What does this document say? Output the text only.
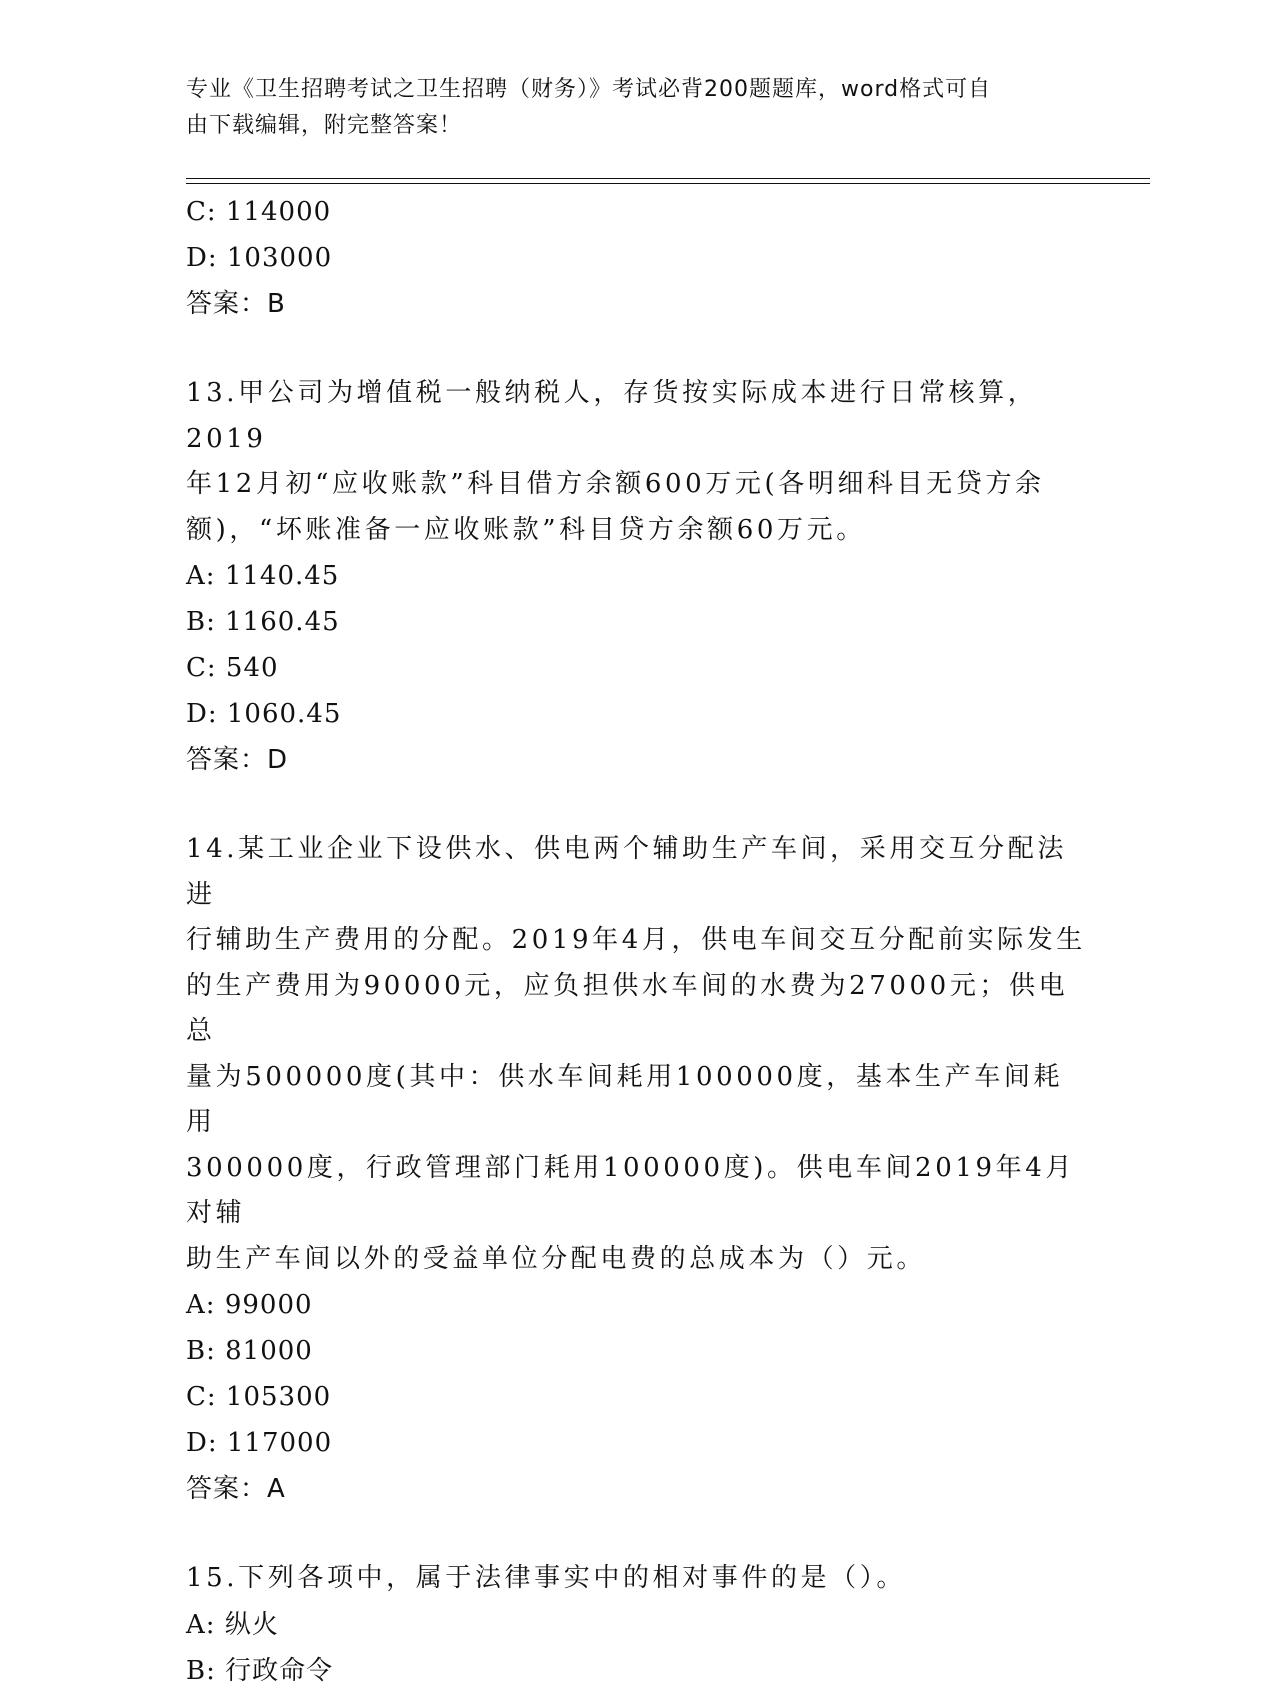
专业《卫生招聘考试之卫生招聘（财务）》考试必背200题题库，word格式可自
由下载编辑，附完整答案！
C: 114000
D: 103000
答案：B
13.甲公司为增值税一般纳税人，存货按实际成本进行日常核算，2019
年12月初“应收账款”科目借方余额600万元(各明细科目无贷方余
额)，“坏账准备一应收账款”科目贷方余额60万元。
A: 1140.45
B: 1160.45
C: 540
D: 1060.45
答案：D
14.某工业企业下设供水、供电两个辅助生产车间，采用交互分配法进
行辅助生产费用的分配。2019年4月，供电车间交互分配前实际发生
的生产费用为90000元，应负担供水车间的水费为27000元；供电总
量为500000度(其中：供水车间耗用100000度，基本生产车间耗用
300000度，行政管理部门耗用100000度)。供电车间2019年4月对辅
助生产车间以外的受益单位分配电费的总成本为（）元。
A: 99000
B: 81000
C: 105300
D: 117000
答案：A
15.下列各项中，属于法律事实中的相对事件的是（）。
A: 纵火
B: 行政命令
